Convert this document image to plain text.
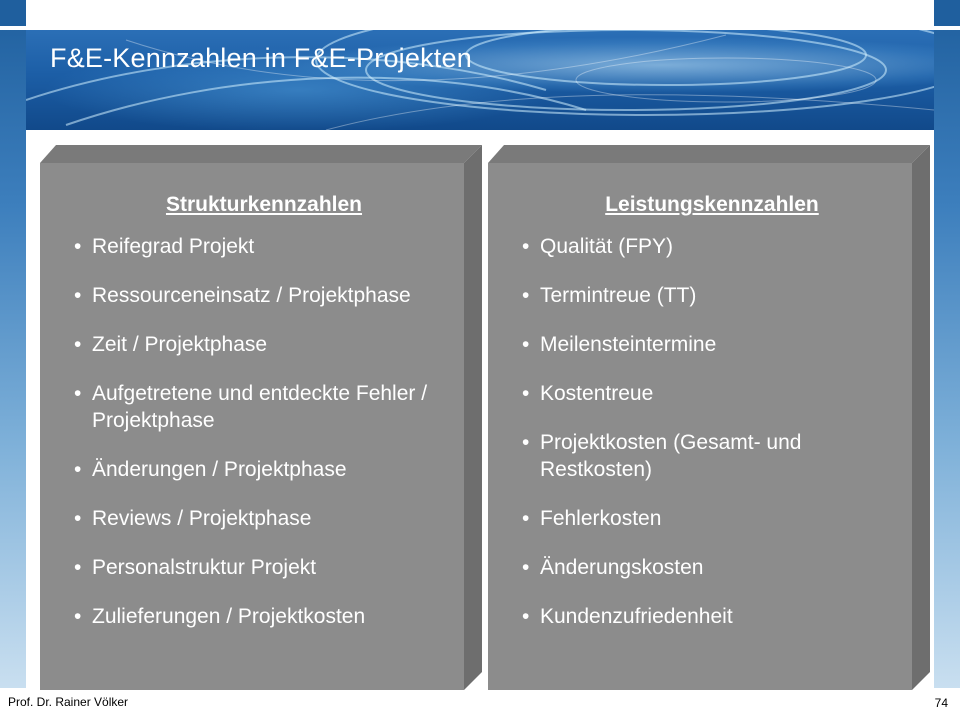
F&E-Kennzahlen in F&E-Projekten
Strukturkennzahlen
• Reifegrad Projekt
• Ressourceneinsatz / Projektphase
• Zeit / Projektphase
• Aufgetretene und entdeckte Fehler / Projektphase
• Änderungen / Projektphase
• Reviews / Projektphase
• Personalstruktur Projekt
• Zulieferungen / Projektkosten
Leistungskennzahlen
• Qualität (FPY)
• Termintreue (TT)
• Meilensteintermine
• Kostentreue
• Projektkosten (Gesamt- und Restkosten)
• Fehlerkosten
• Änderungskosten
• Kundenzufriedenheit
Prof. Dr. Rainer Völker	74
